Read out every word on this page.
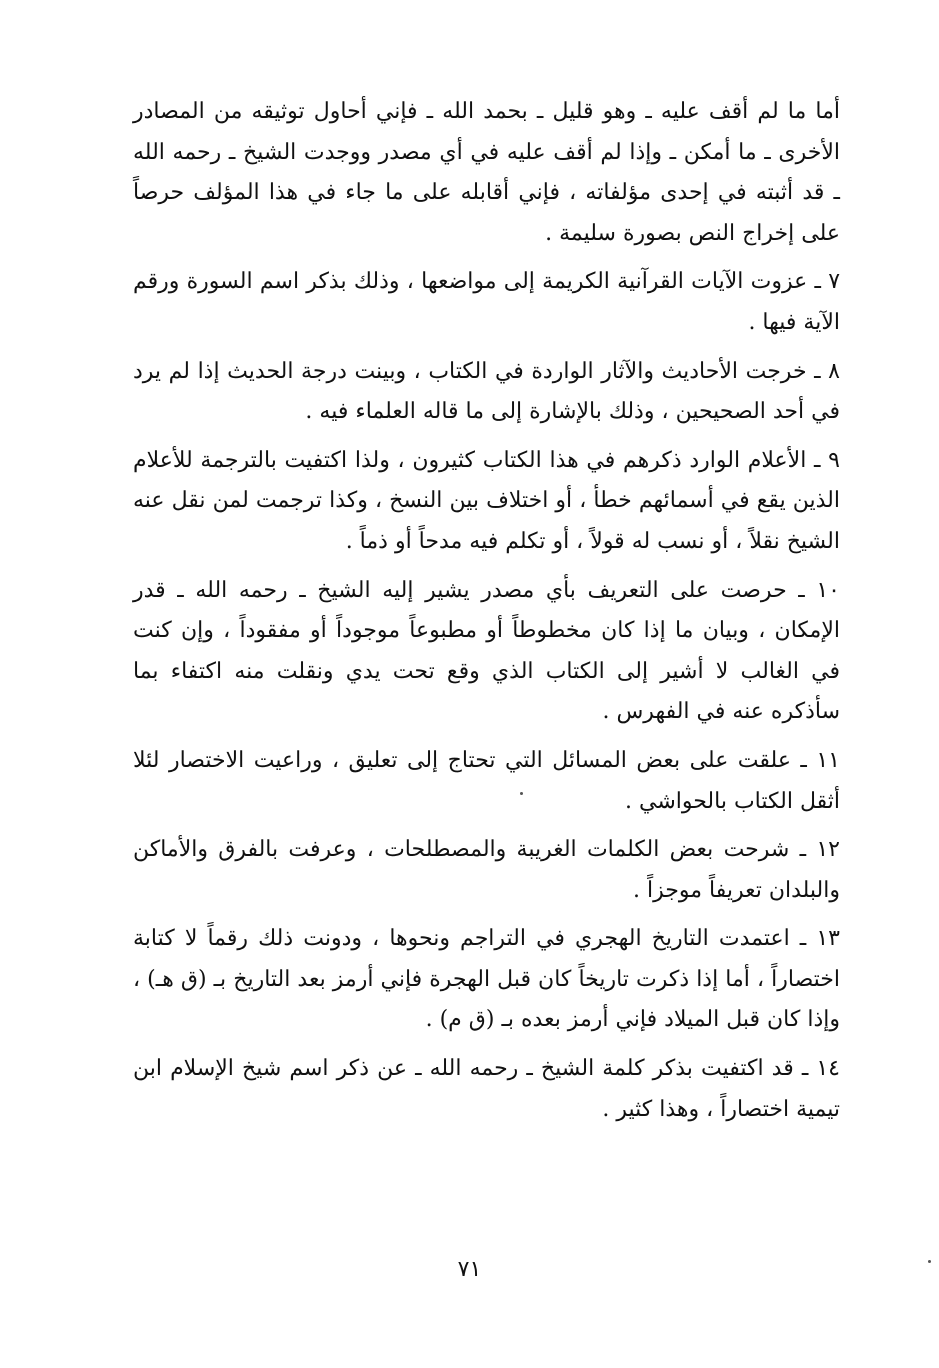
أما ما لم أقف عليه ـ وهو قليل ـ بحمد الله ـ فإني أحاول توثيقه من المصادر الأخرى ـ ما أمكن ـ وإذا لم أقف عليه في أي مصدر ووجدت الشيخ ـ رحمه الله ـ قد أثبته في إحدى مؤلفاته ، فإني أقابله على ما جاء في هذا المؤلف حرصاً على إخراج النص بصورة سليمة .

٧ ـ عزوت الآيات القرآنية الكريمة إلى مواضعها ، وذلك بذكر اسم السورة ورقم الآية فيها .

٨ ـ خرجت الأحاديث والآثار الواردة في الكتاب ، وبينت درجة الحديث إذا لم يرد في أحد الصحيحين ، وذلك بالإشارة إلى ما قاله العلماء فيه .

٩ ـ الأعلام الوارد ذكرهم في هذا الكتاب كثيرون ، ولذا اكتفيت بالترجمة للأعلام الذين يقع في أسمائهم خطأ ، أو اختلاف بين النسخ ، وكذا ترجمت لمن نقل عنه الشيخ نقلاً ، أو نسب له قولاً ، أو تكلم فيه مدحاً أو ذماً .

١٠ ـ حرصت على التعريف بأي مصدر يشير إليه الشيخ ـ رحمه الله ـ قدر الإمكان ، وبيان ما إذا كان مخطوطاً أو مطبوعاً موجوداً أو مفقوداً ، وإن كنت في الغالب لا أشير إلى الكتاب الذي وقع تحت يدي ونقلت منه اكتفاء بما سأذكره عنه في الفهرس .

١١ ـ علقت على بعض المسائل التي تحتاج إلى تعليق ، وراعيت الاختصار لئلا أثقل الكتاب بالحواشي .

١٢ ـ شرحت بعض الكلمات الغريبة والمصطلحات ، وعرفت بالفرق والأماكن والبلدان تعريفاً موجزاً .

١٣ ـ اعتمدت التاريخ الهجري في التراجم ونحوها ، ودونت ذلك رقماً لا كتابة اختصاراً ، أما إذا ذكرت تاريخاً كان قبل الهجرة فإني أرمز بعد التاريخ بـ (ق هـ) ، وإذا كان قبل الميلاد فإني أرمز بعده بـ (ق م) .

١٤ ـ قد اكتفيت بذكر كلمة الشيخ ـ رحمه الله ـ عن ذكر اسم شيخ الإسلام ابن تيمية اختصاراً ، وهذا كثير .

٧١
